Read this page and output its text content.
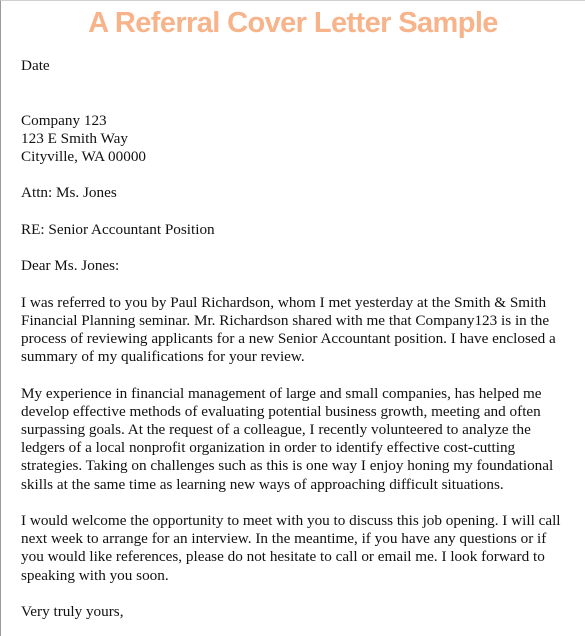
A Referral Cover Letter Sample
Date
Company 123
123 E Smith Way
Cityville, WA 00000
Attn: Ms. Jones
RE: Senior Accountant Position
Dear Ms. Jones:
I was referred to you by Paul Richardson, whom I met yesterday at the Smith & Smith
Financial Planning seminar. Mr. Richardson shared with me that Company123 is in the
process of reviewing applicants for a new Senior Accountant position. I have enclosed a
summary of my qualifications for your review.
My experience in financial management of large and small companies, has helped me
develop effective methods of evaluating potential business growth, meeting and often
surpassing goals. At the request of a colleague, I recently volunteered to analyze the
ledgers of a local nonprofit organization in order to identify effective cost-cutting
strategies. Taking on challenges such as this is one way I enjoy honing my foundational
skills at the same time as learning new ways of approaching difficult situations.
I would welcome the opportunity to meet with you to discuss this job opening. I will call
next week to arrange for an interview. In the meantime, if you have any questions or if
you would like references, please do not hesitate to call or email me. I look forward to
speaking with you soon.
Very truly yours,
